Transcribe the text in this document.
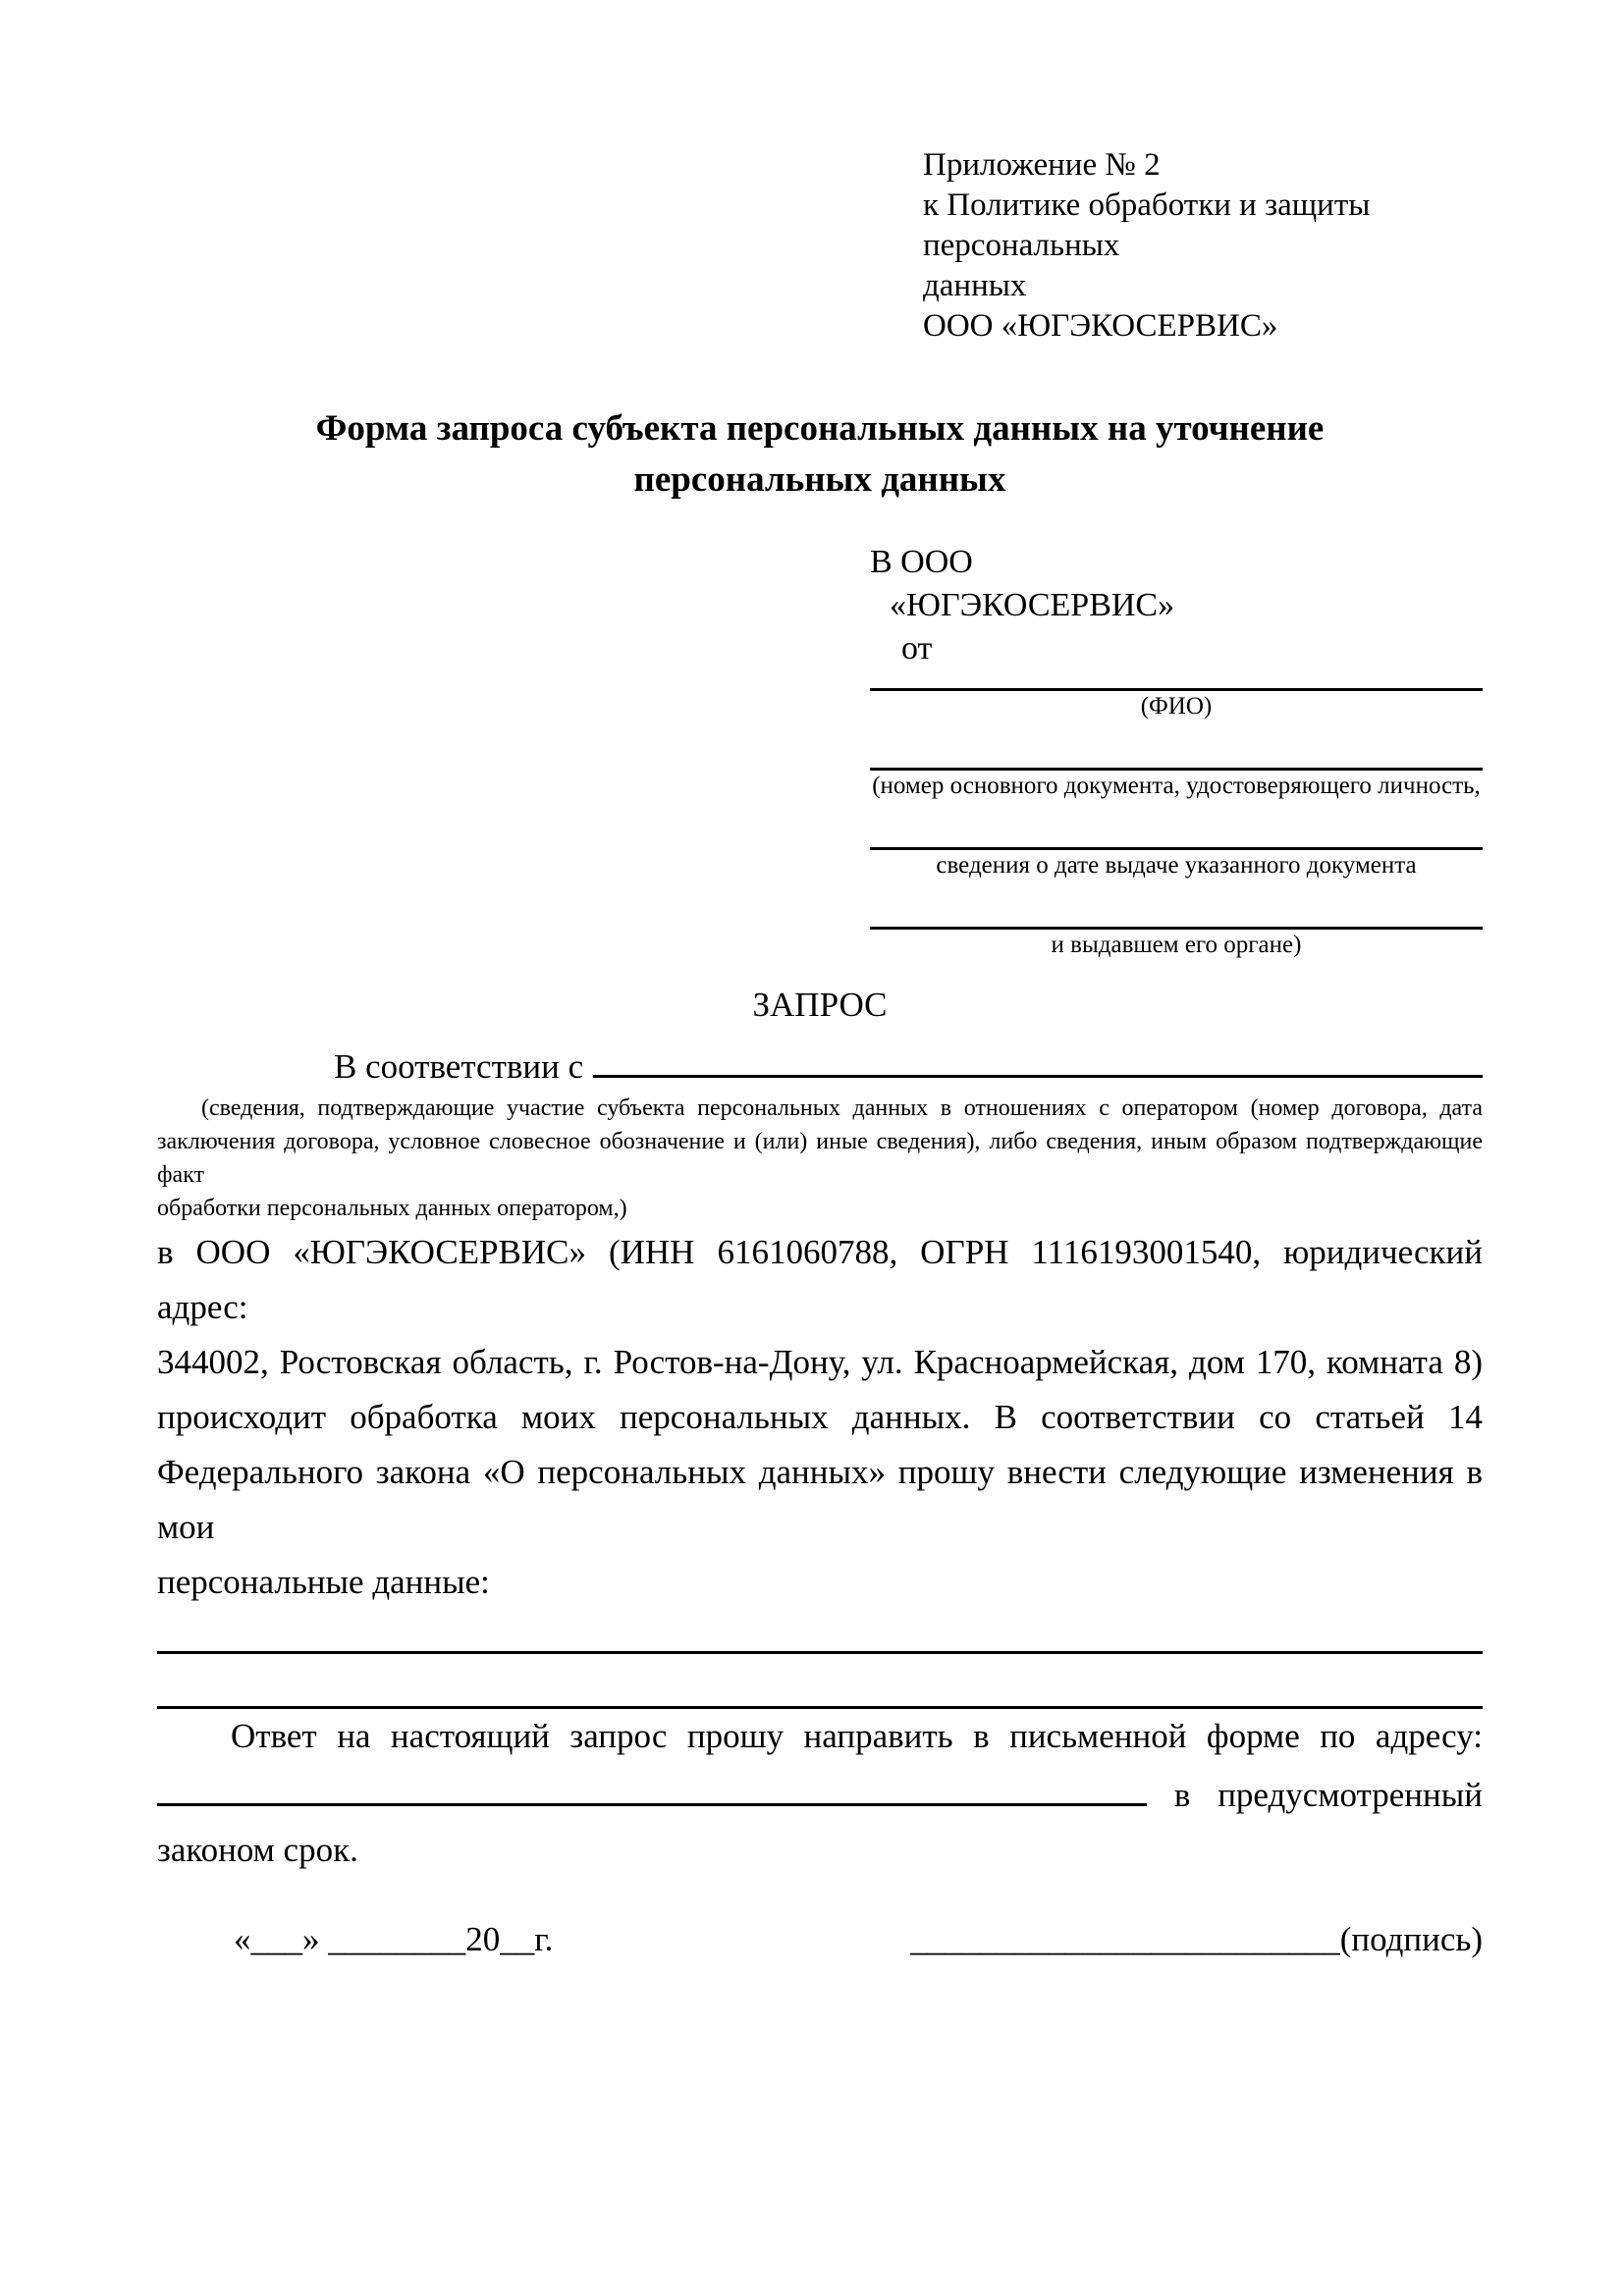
Приложение № 2
к Политике обработки и защиты персональных
данных
ООО «ЮГЭКОСЕРВИС»
Форма запроса субъекта персональных данных на уточнение
персональных данных
В ООО
«ЮГЭКОСЕРВИС»
от
(ФИО)
(номер основного документа, удостоверяющего личность,
сведения о дате выдаче указанного документа
и выдавшем его органе)
ЗАПРОС
В соответствии с
(сведения, подтверждающие участие субъекта персональных данных в отношениях с оператором (номер договора, дата
заключения договора, условное словесное обозначение и (или) иные сведения), либо сведения, иным образом подтверждающие факт
обработки персональных данных оператором,)
в ООО «ЮГЭКОСЕРВИС» (ИНН 6161060788, ОГРН 1116193001540, юридический адрес:
344002, Ростовская область, г. Ростов-на-Дону, ул. Красноармейская, дом 170, комната 8)
происходит обработка моих персональных данных. В соответствии со статьей 14
Федерального закона «О персональных данных» прошу внести следующие изменения в мои
персональные данные:
Ответ на настоящий запрос прошу направить в письменной форме по адресу:
в предусмотренный
законом срок.
«___» ________20__г.	_________________________(подпись)
